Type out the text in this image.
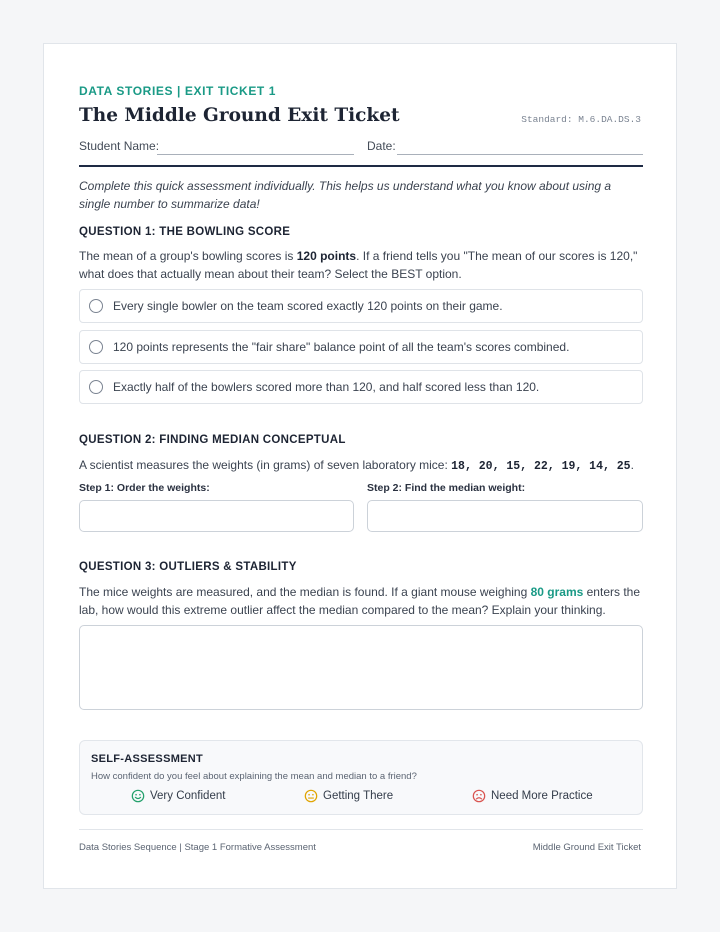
DATA STORIES | EXIT TICKET 1
The Middle Ground Exit Ticket	Standard: M.6.DA.DS.3
Student Name:	Date:
Complete this quick assessment individually. This helps us understand what you know about using a single number to summarize data!
QUESTION 1: THE BOWLING SCORE
The mean of a group's bowling scores is 120 points. If a friend tells you "The mean of our scores is 120," what does that actually mean about their team? Select the BEST option.
Every single bowler on the team scored exactly 120 points on their game.
120 points represents the "fair share" balance point of all the team's scores combined.
Exactly half of the bowlers scored more than 120, and half scored less than 120.
QUESTION 2: FINDING MEDIAN CONCEPTUAL
A scientist measures the weights (in grams) of seven laboratory mice: 18, 20, 15, 22, 19, 14, 25.
Step 1: Order the weights:	Step 2: Find the median weight:
QUESTION 3: OUTLIERS & STABILITY
The mice weights are measured, and the median is found. If a giant mouse weighing 80 grams enters the lab, how would this extreme outlier affect the median compared to the mean? Explain your thinking.
SELF-ASSESSMENT
How confident do you feel about explaining the mean and median to a friend?
Very Confident	Getting There	Need More Practice
Data Stories Sequence | Stage 1 Formative Assessment	Middle Ground Exit Ticket
